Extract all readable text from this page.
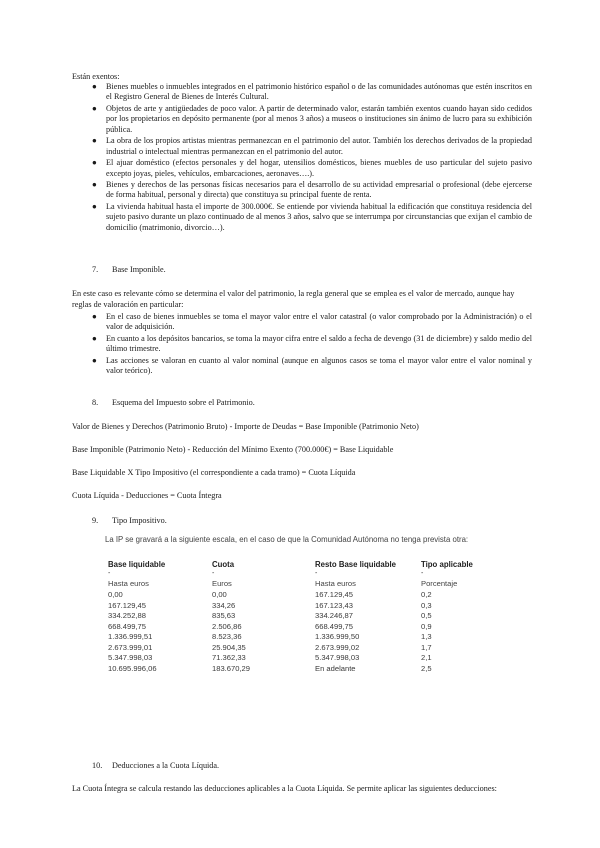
Están exentos:
● Bienes muebles o inmuebles integrados en el patrimonio histórico español o de las comunidades autónomas que estén inscritos en el Registro General de Bienes de Interés Cultural.
● Objetos de arte y antigüedades de poco valor. A partir de determinado valor, estarán también exentos cuando hayan sido cedidos por los propietarios en depósito permanente (por al menos 3 años) a museos o instituciones sin ánimo de lucro para su exhibición pública.
● La obra de los propios artistas mientras permanezcan en el patrimonio del autor. También los derechos derivados de la propiedad industrial o intelectual mientras permanezcan en el patrimonio del autor.
● El ajuar doméstico (efectos personales y del hogar, utensilios domésticos, bienes muebles de uso particular del sujeto pasivo excepto joyas, pieles, vehículos, embarcaciones, aeronaves….).
● Bienes y derechos de las personas físicas necesarios para el desarrollo de su actividad empresarial o profesional (debe ejercerse de forma habitual, personal y directa) que constituya su principal fuente de renta.
● La vivienda habitual hasta el importe de 300.000€. Se entiende por vivienda habitual la edificación que constituya residencia del sujeto pasivo durante un plazo continuado de al menos 3 años, salvo que se interrumpa por circunstancias que exijan el cambio de domicilio (matrimonio, divorcio…).
7. Base Imponible.
En este caso es relevante cómo se determina el valor del patrimonio, la regla general que se emplea es el valor de mercado, aunque hay reglas de valoración en particular:
● En el caso de bienes inmuebles se toma el mayor valor entre el valor catastral (o valor comprobado por la Administración) o el valor de adquisición.
● En cuanto a los depósitos bancarios, se toma la mayor cifra entre el saldo a fecha de devengo (31 de diciembre) y saldo medio del último trimestre.
● Las acciones se valoran en cuanto al valor nominal (aunque en algunos casos se toma el mayor valor entre el valor nominal y valor teórico).
8. Esquema del Impuesto sobre el Patrimonio.
Valor de Bienes y Derechos (Patrimonio Bruto) - Importe de Deudas = Base Imponible (Patrimonio Neto)
Base Imponible (Patrimonio Neto) - Reducción del Mínimo Exento (700.000€) = Base Liquidable
Base Liquidable X Tipo Impositivo (el correspondiente a cada tramo) = Cuota Líquida
Cuota Líquida - Deducciones = Cuota Íntegra
9. Tipo Impositivo.
La IP se gravará a la siguiente escala, en el caso de que la Comunidad Autónoma no tenga prevista otra:
Base liquidable	Cuota	Resto Base liquidable	Tipo aplicable
-	-	-	-
Hasta euros	Euros	Hasta euros	Porcentaje
0,00	0,00	167.129,45	0,2
167.129,45	334,26	167.123,43	0,3
334.252,88	835,63	334.246,87	0,5
668.499,75	2.506,86	668.499,75	0,9
1.336.999,51	8.523,36	1.336.999,50	1,3
2.673.999,01	25.904,35	2.673.999,02	1,7
5.347.998,03	71.362,33	5.347.998,03	2,1
10.695.996,06	183.670,29	En adelante	2,5
10. Deducciones a la Cuota Líquida.
La Cuota Íntegra se calcula restando las deducciones aplicables a la Cuota Líquida. Se permite aplicar las siguientes deducciones:
